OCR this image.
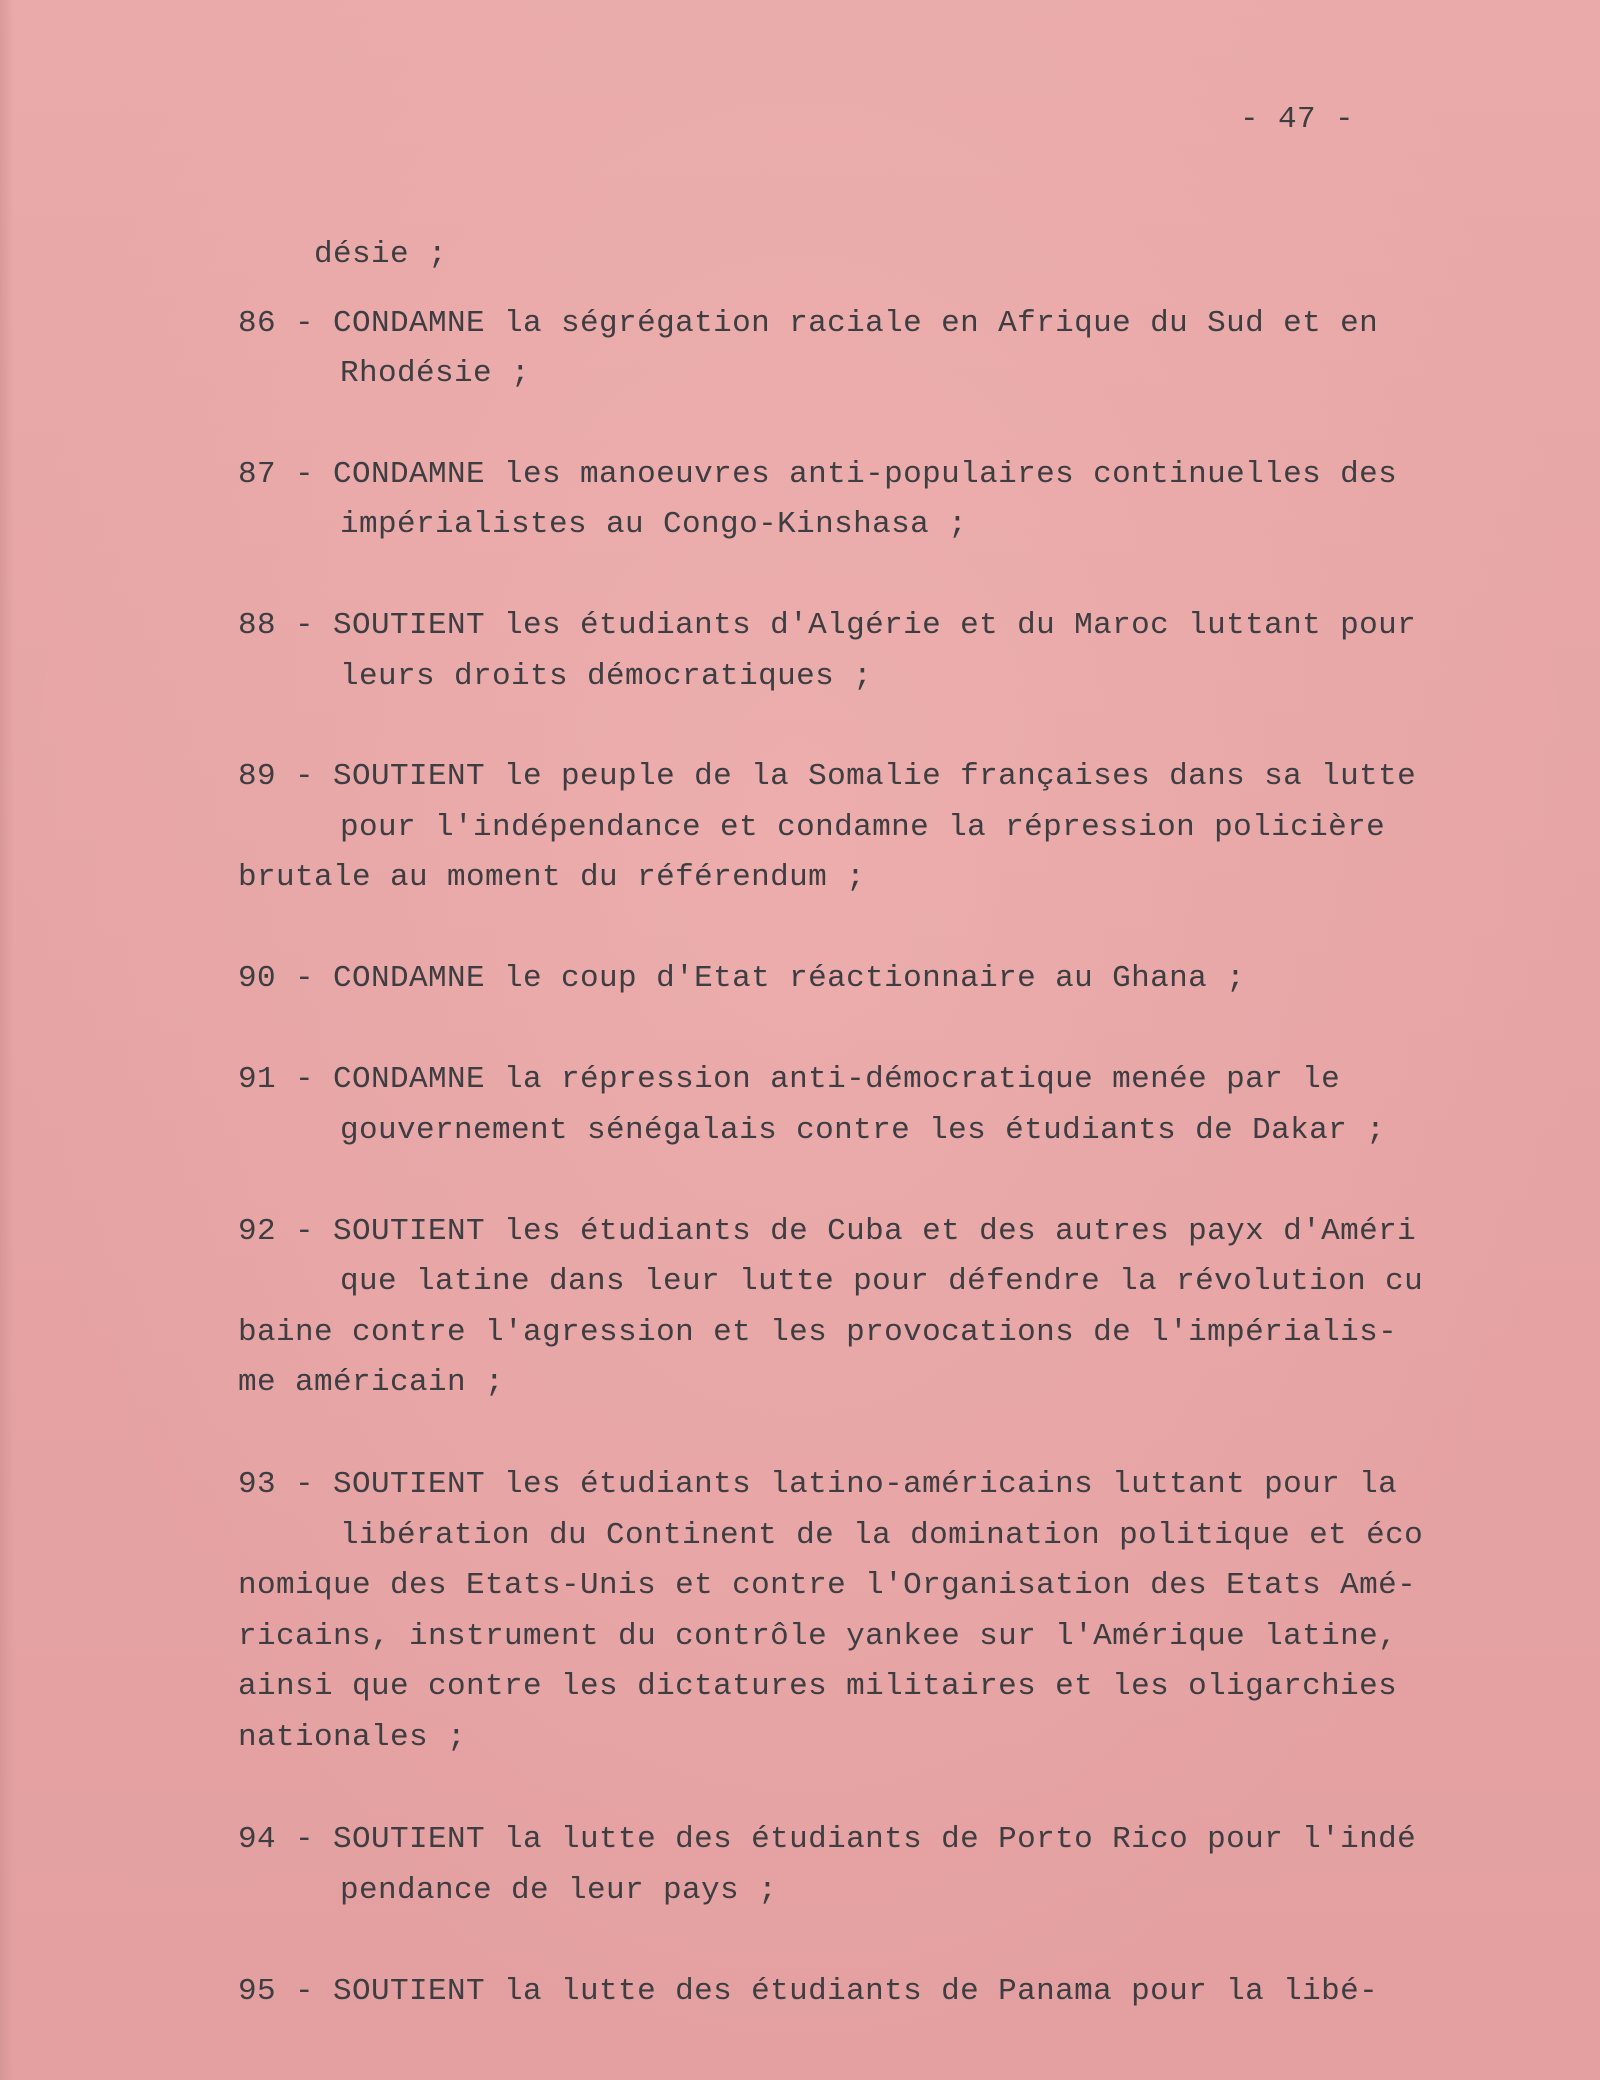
- 47 -

désie ;

86 - CONDAMNE la ségrégation raciale en Afrique du Sud et en
Rhodésie ;
87 - CONDAMNE les manoeuvres anti-populaires continuelles des
impérialistes au Congo-Kinshasa ;
88 - SOUTIENT les étudiants d'Algérie et du Maroc luttant pour
leurs droits démocratiques ;
89 - SOUTIENT le peuple de la Somalie françaises dans sa lutte
pour l'indépendance et condamne la répression policière
brutale au moment du référendum ;
90 - CONDAMNE le coup d'Etat réactionnaire au Ghana ;
91 - CONDAMNE la répression anti-démocratique menée par le
gouvernement sénégalais contre les étudiants de Dakar ;
92 - SOUTIENT les étudiants de Cuba et des autres payx d'Améri
que latine dans leur lutte pour défendre la révolution cu
baine contre l'agression et les provocations de l'impérialis-
me américain ;
93 - SOUTIENT les étudiants latino-américains luttant pour la
libération du Continent de la domination politique et éco
nomique des Etats-Unis et contre l'Organisation des Etats Amé-
ricains, instrument du contrôle yankee sur l'Amérique latine,
ainsi que contre les dictatures militaires et les oligarchies
nationales ;
94 - SOUTIENT la lutte des étudiants de Porto Rico pour l'indé
pendance de leur pays ;
95 - SOUTIENT la lutte des étudiants de Panama pour la libé-
